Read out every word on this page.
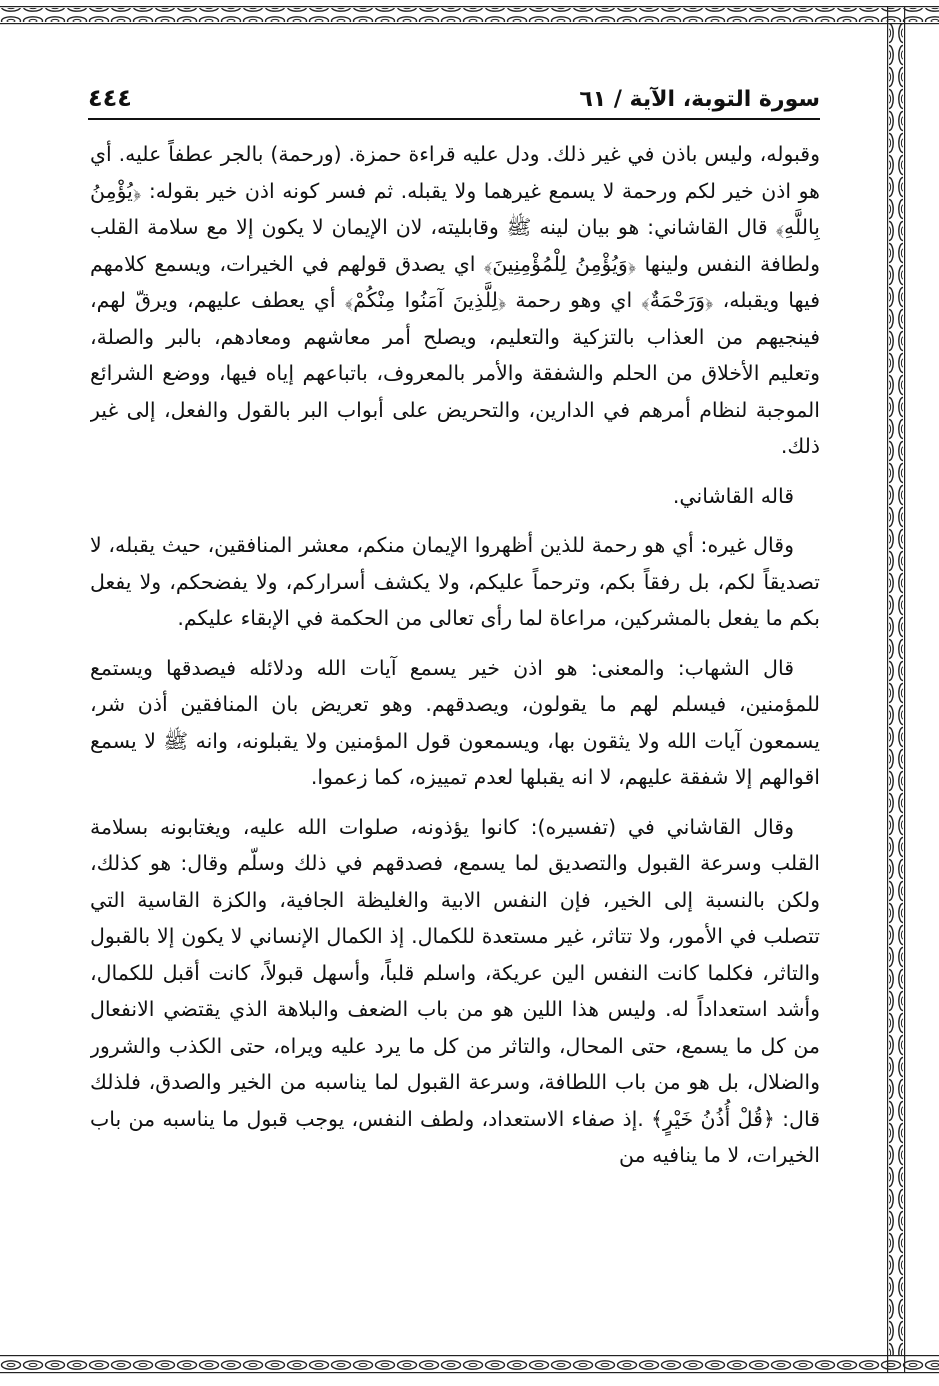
٤٤٤	سورة التوبة، الآية / ٦١

وقبوله، وليس باذن في غير ذلك. ودل عليه قراءة حمزة. (ورحمة) بالجر عطفاً عليه. أي هو اذن خير لكم ورحمة لا يسمع غيرهما ولا يقبله. ثم فسر كونه اذن خير بقوله: ﴿يُؤْمِنُ بِاللَّهِ﴾ قال القاشاني: هو بيان لينه ﷺ وقابليته، لان الإيمان لا يكون إلا مع سلامة القلب ولطافة النفس ولينها ﴿وَيُؤْمِنُ لِلْمُؤْمِنِينَ﴾ اي يصدق قولهم في الخيرات، ويسمع كلامهم فيها ويقبله، ﴿وَرَحْمَةٌ﴾ اي وهو رحمة ﴿لِلَّذِينَ آمَنُوا مِنْكُمْ﴾ أي يعطف عليهم، ويرقّ لهم، فينجيهم من العذاب بالتزكية والتعليم، ويصلح أمر معاشهم ومعادهم، بالبر والصلة، وتعليم الأخلاق من الحلم والشفقة والأمر بالمعروف، باتباعهم إياه فيها، ووضع الشرائع الموجبة لنظام أمرهم في الدارين، والتحريض على أبواب البر بالقول والفعل، إلى غير ذلك.

قاله القاشاني.

وقال غيره: أي هو رحمة للذين أظهروا الإيمان منكم، معشر المنافقين، حيث يقبله، لا تصديقاً لكم، بل رفقاً بكم، وترحماً عليكم، ولا يكشف أسراركم، ولا يفضحكم، ولا يفعل بكم ما يفعل بالمشركين، مراعاة لما رأى تعالى من الحكمة في الإبقاء عليكم.

قال الشهاب: والمعنى: هو اذن خير يسمع آيات الله ودلائله فيصدقها ويستمع للمؤمنين، فيسلم لهم ما يقولون، ويصدقهم. وهو تعريض بان المنافقين أذن شر، يسمعون آيات الله ولا يثقون بها، ويسمعون قول المؤمنين ولا يقبلونه، وانه ﷺ لا يسمع اقوالهم إلا شفقة عليهم، لا انه يقبلها لعدم تمييزه، كما زعموا.

وقال القاشاني في (تفسيره): كانوا يؤذونه، صلوات الله عليه، ويغتابونه بسلامة القلب وسرعة القبول والتصديق لما يسمع، فصدقهم في ذلك وسلّم وقال: هو كذلك، ولكن بالنسبة إلى الخير، فإن النفس الابية والغليظة الجافية، والكزة القاسية التي تتصلب في الأمور، ولا تتاثر، غير مستعدة للكمال. إذ الكمال الإنساني لا يكون إلا بالقبول والتاثر، فكلما كانت النفس الين عريكة، واسلم قلباً، وأسهل قبولاً، كانت أقبل للكمال، وأشد استعداداً له. وليس هذا اللين هو من باب الضعف والبلاهة الذي يقتضي الانفعال من كل ما يسمع، حتى المحال، والتاثر من كل ما يرد عليه ويراه، حتى الكذب والشرور والضلال، بل هو من باب اللطافة، وسرعة القبول لما يناسبه من الخير والصدق، فلذلك قال: ﴿قُلْ أُذُنُ خَيْرٍ﴾ .إذ صفاء الاستعداد، ولطف النفس، يوجب قبول ما يناسبه من باب الخيرات، لا ما ينافيه من
